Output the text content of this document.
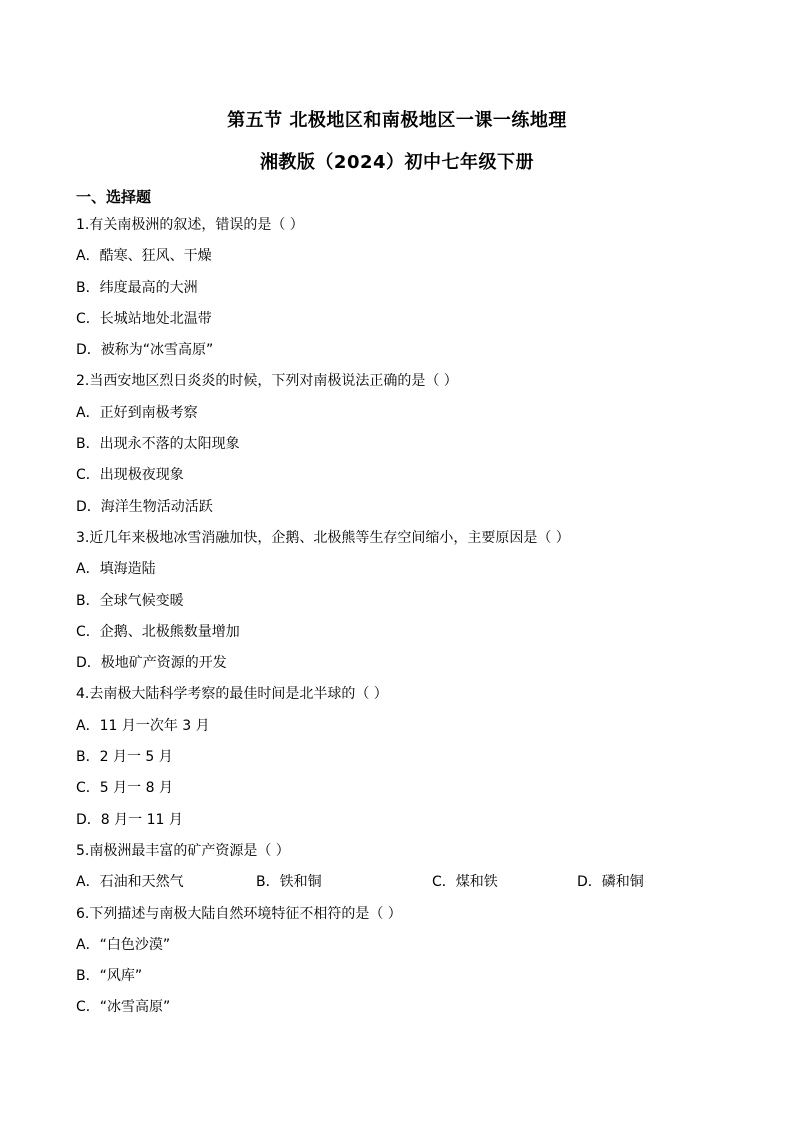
第五节 北极地区和南极地区一课一练地理
湘教版（2024）初中七年级下册
一、选择题
1.有关南极洲的叙述，错误的是（ ）
A．酷寒、狂风、干燥
B．纬度最高的大洲
C．长城站地处北温带
D．被称为“冰雪高原”
2.当西安地区烈日炎炎的时候，下列对南极说法正确的是（ ）
A．正好到南极考察
B．出现永不落的太阳现象
C．出现极夜现象
D．海洋生物活动活跃
3.近几年来极地冰雪消融加快，企鹅、北极熊等生存空间缩小，主要原因是（ ）
A．填海造陆
B．全球气候变暖
C．企鹅、北极熊数量增加
D．极地矿产资源的开发
4.去南极大陆科学考察的最佳时间是北半球的（ ）
A．11 月一次年 3 月
B．2 月一 5 月
C．5 月一 8 月
D．8 月一 11 月
5.南极洲最丰富的矿产资源是（ ）
A．石油和天然气	B．铁和铜	C．煤和铁	D．磷和铜
6.下列描述与南极大陆自然环境特征不相符的是（ ）
A．“白色沙漠”
B．“风库”
C．“冰雪高原”
